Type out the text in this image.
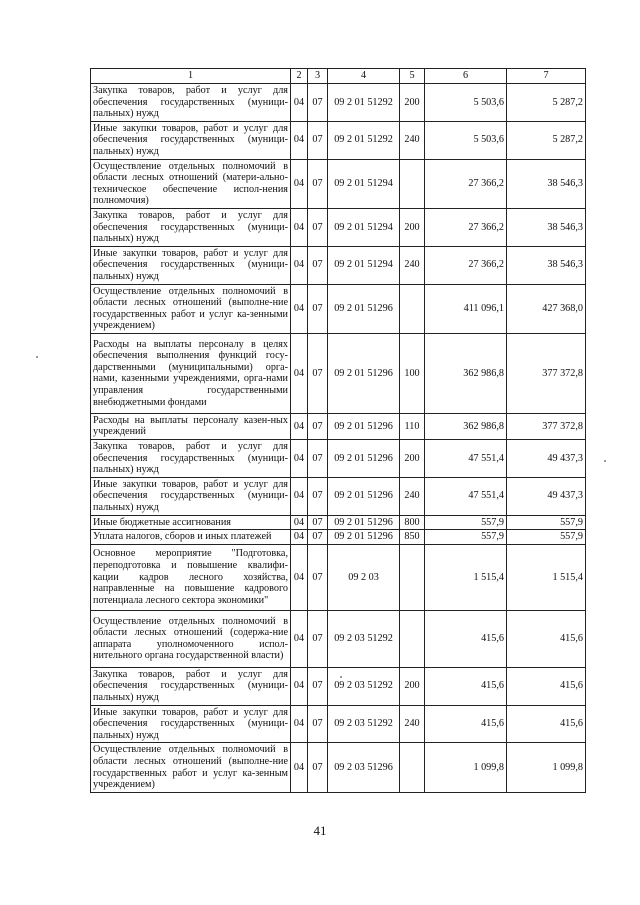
1	2	3	4	5	6	7
Закупка товаров, работ и услуг для обеспечения государственных (муници-пальных) нужд	04	07	09 2 01 51292	200	5 503,6	5 287,2
Иные закупки товаров, работ и услуг для обеспечения государственных (муници-пальных) нужд	04	07	09 2 01 51292	240	5 503,6	5 287,2
Осуществление отдельных полномочий в области лесных отношений (матери-ально-техническое обеспечение испол-нения полномочия)	04	07	09 2 01 51294		27 366,2	38 546,3
Закупка товаров, работ и услуг для обеспечения государственных (муници-пальных) нужд	04	07	09 2 01 51294	200	27 366,2	38 546,3
Иные закупки товаров, работ и услуг для обеспечения государственных (муници-пальных) нужд	04	07	09 2 01 51294	240	27 366,2	38 546,3
Осуществление отдельных полномочий в области лесных отношений (выполне-ние государственных работ и услуг ка-зенными учреждением)	04	07	09 2 01 51296		411 096,1	427 368,0
Расходы на выплаты персоналу в целях обеспечения выполнения функций госу-дарственными (муниципальными) орга-нами, казенными учреждениями, орга-нами управления государственными внебюджетными фондами	04	07	09 2 01 51296	100	362 986,8	377 372,8
Расходы на выплаты персоналу казен-ных учреждений	04	07	09 2 01 51296	110	362 986,8	377 372,8
Закупка товаров, работ и услуг для обеспечения государственных (муници-пальных) нужд	04	07	09 2 01 51296	200	47 551,4	49 437,3
Иные закупки товаров, работ и услуг для обеспечения государственных (муници-пальных) нужд	04	07	09 2 01 51296	240	47 551,4	49 437,3
Иные бюджетные ассигнования	04	07	09 2 01 51296	800	557,9	557,9
Уплата налогов, сборов и иных платежей	04	07	09 2 01 51296	850	557,9	557,9
Основное мероприятие "Подготовка, переподготовка и повышение квалифи-кации кадров лесного хозяйства, направленные на повышение кадрового потенциала лесного сектора экономики"	04	07	09 2 03		1 515,4	1 515,4
Осуществление отдельных полномочий в области лесных отношений (содержа-ние аппарата уполномоченного испол-нительного органа государственной власти)	04	07	09 2 03 51292		415,6	415,6
Закупка товаров, работ и услуг для обеспечения государственных (муници-пальных) нужд	04	07	09 2 03 51292	200	415,6	415,6
Иные закупки товаров, работ и услуг для обеспечения государственных (муници-пальных) нужд	04	07	09 2 03 51292	240	415,6	415,6
Осуществление отдельных полномочий в области лесных отношений (выполне-ние государственных работ и услуг ка-зенным учреждением)	04	07	09 2 03 51296		1 099,8	1 099,8
41
